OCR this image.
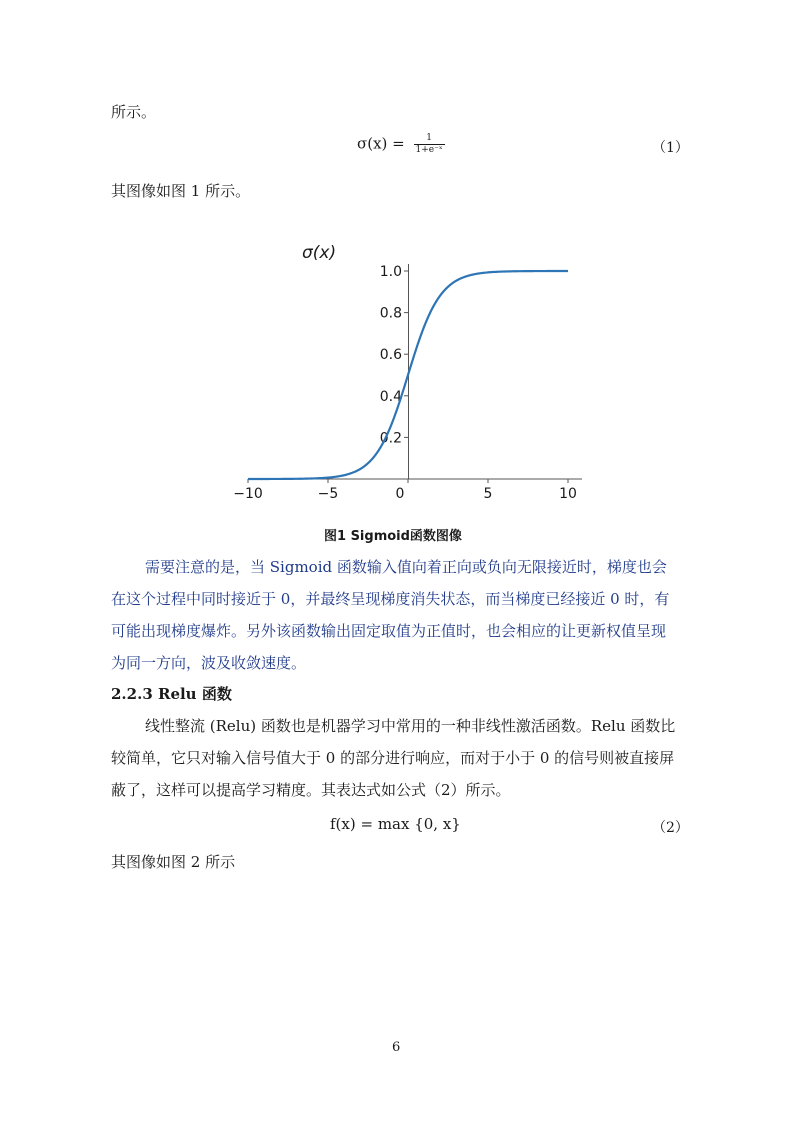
所示。

$\sigma(x) = \frac{1}{\text{1+e⁻ˣ}}$	（1）

其图像如图 1 所示。

σ(x)
−10	−5	0	5	10
0.2
0.4
0.6
0.8
1.0

图1 Sigmoid函数图像

需要注意的是，当 Sigmoid 函数输入值向着正向或负向无限接近时，梯度也会

在这个过程中同时接近于 0，并最终呈现梯度消失状态，而当梯度已经接近 0 时，有

可能出现梯度爆炸。另外该函数输出固定取值为正值时，也会相应的让更新权值呈现

为同一方向，波及收敛速度。

2.2.3 Relu 函数

线性整流 (Relu) 函数也是机器学习中常用的一种非线性激活函数。Relu 函数比

较简单，它只对输入信号值大于 0 的部分进行响应，而对于小于 0 的信号则被直接屏

蔽了，这样可以提高学习精度。其表达式如公式（2）所示。

f(x) = max {0, x}	（2）

其图像如图 2 所示

6
